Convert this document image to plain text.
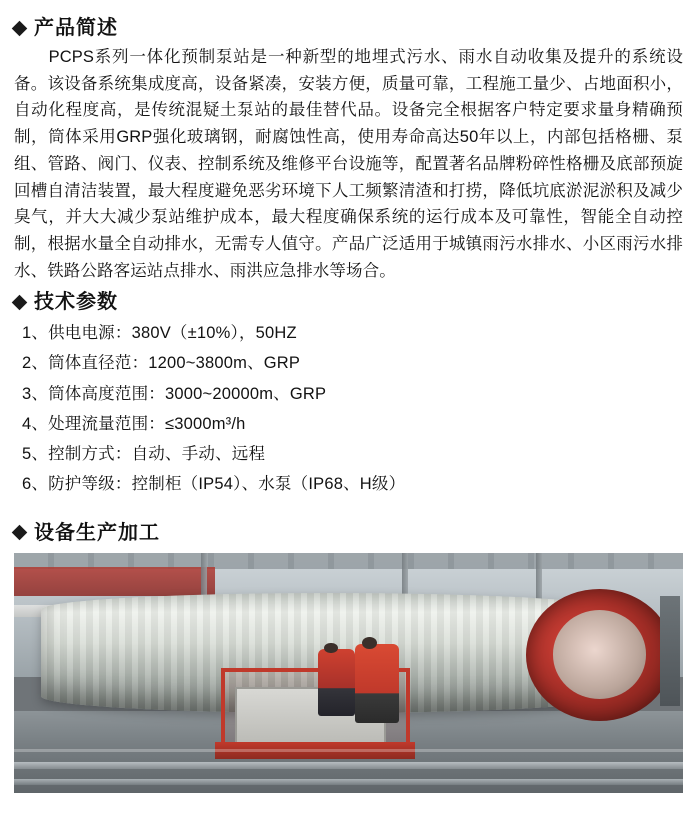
产品简述

PCPS系列一体化预制泵站是一种新型的地埋式污水、雨水自动收集及提升的系统设备。该设备系统集成度高，设备紧凑，安装方便，质量可靠，工程施工量少、占地面积小，自动化程度高，是传统混疑土泵站的最佳替代品。设备完全根据客户特定要求量身精确预制，筒体采用GRP强化玻璃钢，耐腐蚀性高，使用寿命高达50年以上，内部包括格栅、泵组、管路、阀门、仪表、控制系统及维修平台设施等，配置著名品牌粉碎性格栅及底部预旋回槽自清洁装置，最大程度避免恶劣环境下人工频繁清渣和打捞，降低坑底淤泥淤积及减少臭气，并大大减少泵站维护成本，最大程度确保系统的运行成本及可靠性，智能全自动控制，根据水量全自动排水，无需专人值守。产品广泛适用于城镇雨污水排水、小区雨污水排水、铁路公路客运站点排水、雨洪应急排水等场合。

技术参数
1、供电电源：380V（±10%），50HZ
2、筒体直径范：1200~3800m、GRP
3、筒体高度范围：3000~20000m、GRP
4、处理流量范围：≤3000m³/h
5、控制方式：自动、手动、远程
6、防护等级：控制柜（IP54）、水泵（IP68、H级）
设备生产加工
